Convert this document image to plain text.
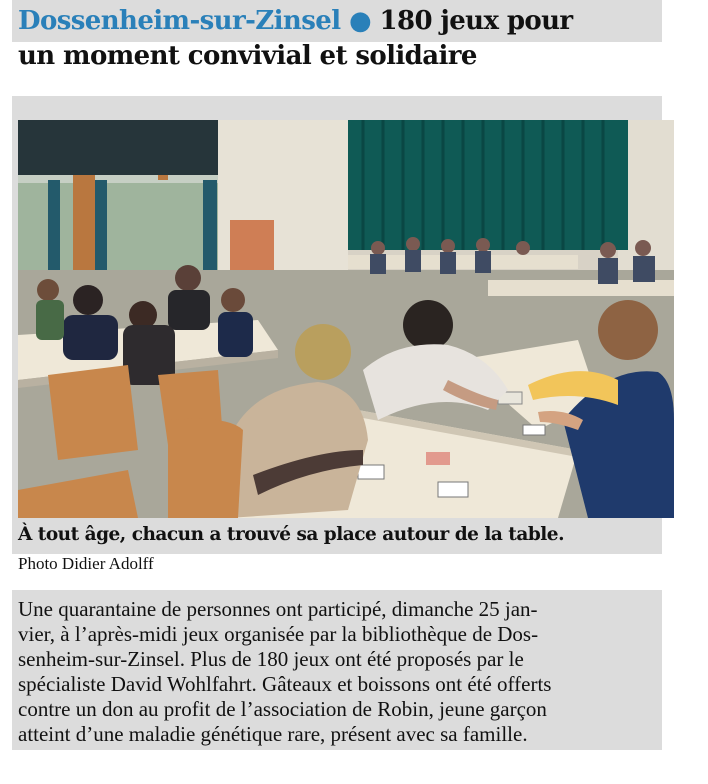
Dossenheim-sur-Zinsel ● 180 jeux pour
un moment convivial et solidaire

À tout âge, chacun a trouvé sa place autour de la table.

Photo Didier Adolff

Une quarantaine de personnes ont participé, dimanche 25 jan-
vier, à l’après-midi jeux organisée par la bibliothèque de Dos-
senheim-sur-Zinsel. Plus de 180 jeux ont été proposés par le
spécialiste David Wohlfahrt. Gâteaux et boissons ont été offerts
contre un don au profit de l’association de Robin, jeune garçon
atteint d’une maladie génétique rare, présent avec sa famille.
